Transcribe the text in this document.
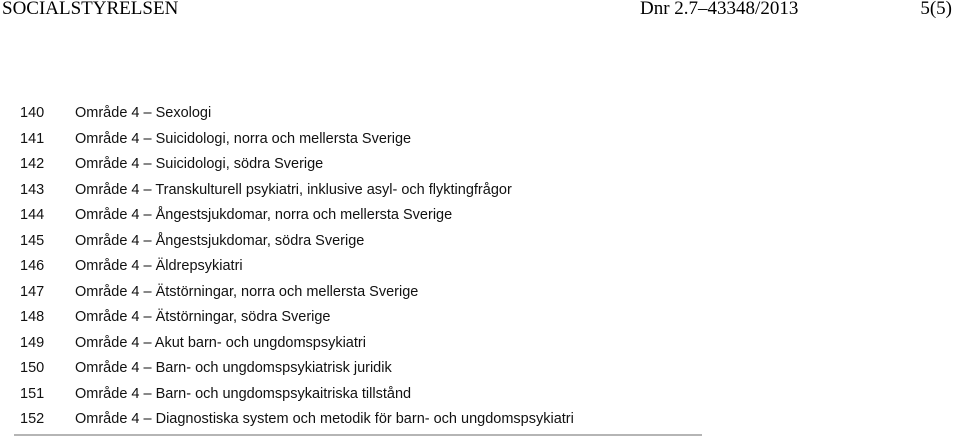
SOCIALSTYRELSEN	Dnr 2.7–43348/2013	5(5)
140	Område 4 – Sexologi
141	Område 4 – Suicidologi, norra och mellersta Sverige
142	Område 4 – Suicidologi, södra Sverige
143	Område 4 – Transkulturell psykiatri, inklusive asyl- och flyktingfrågor
144	Område 4 – Ångestsjukdomar, norra och mellersta Sverige
145	Område 4 – Ångestsjukdomar, södra Sverige
146	Område 4 – Äldrepsykiatri
147	Område 4 – Ätstörningar, norra och mellersta Sverige
148	Område 4 – Ätstörningar, södra Sverige
149	Område 4 – Akut barn- och ungdomspsykiatri
150	Område 4 – Barn- och ungdomspsykiatrisk juridik
151	Område 4 – Barn- och ungdomspsykaitriska tillstånd
152	Område 4 – Diagnostiska system och metodik för barn- och ungdomspsykiatri
